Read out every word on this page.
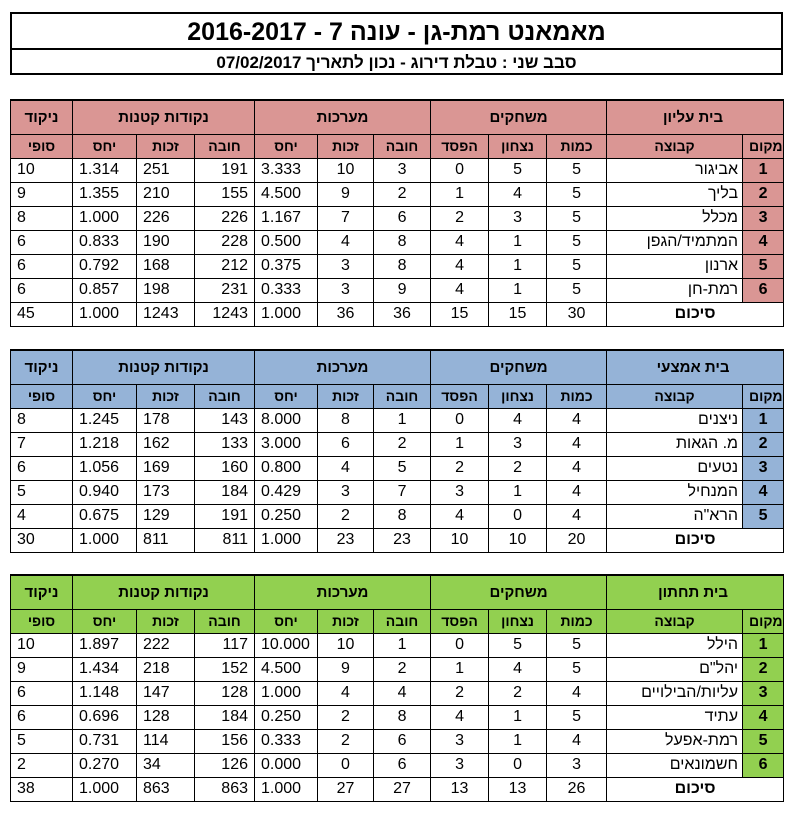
מאמאנט רמת-גן - עונה 7 - 2016-2017
סבב שני : טבלת דירוג - נכון לתאריך 07/02/2017
ניקוד	נקודות קטנות			מערכות			משחקים			בית עליון	
סופי	יחס	זכות	חובה	יחס	זכות	חובה	הפסד	נצחון	כמות	קבוצה	מקום
10	1.314	251	191	3.333	10	3	0	5	5	אביגור	1
9	1.355	210	155	4.500	9	2	1	4	5	בליך	2
8	1.000	226	226	1.167	7	6	2	3	5	מכלל	3
6	0.833	190	228	0.500	4	8	4	1	5	המתמיד/הגפן	4
6	0.792	168	212	0.375	3	8	4	1	5	ארנון	5
6	0.857	198	231	0.333	3	9	4	1	5	רמת-חן	6
45	1.000	1243	1243	1.000	36	36	15	15	30	סיכום	
ניקוד	נקודות קטנות			מערכות			משחקים			בית אמצעי	
סופי	יחס	זכות	חובה	יחס	זכות	חובה	הפסד	נצחון	כמות	קבוצה	מקום
8	1.245	178	143	8.000	8	1	0	4	4	ניצנים	1
7	1.218	162	133	3.000	6	2	1	3	4	מ. הגאות	2
6	1.056	169	160	0.800	4	5	2	2	4	נטעים	3
5	0.940	173	184	0.429	3	7	3	1	4	המנחיל	4
4	0.675	129	191	0.250	2	8	4	0	4	הרא"ה	5
30	1.000	811	811	1.000	23	23	10	10	20	סיכום	
ניקוד	נקודות קטנות			מערכות			משחקים			בית תחתון	
סופי	יחס	זכות	חובה	יחס	זכות	חובה	הפסד	נצחון	כמות	קבוצה	מקום
10	1.897	222	117	10.000	10	1	0	5	5	הילל	1
9	1.434	218	152	4.500	9	2	1	4	5	יהל"ם	2
6	1.148	147	128	1.000	4	4	2	2	4	עליות/הבילויים	3
6	0.696	128	184	0.250	2	8	4	1	5	עתיד	4
5	0.731	114	156	0.333	2	6	3	1	4	רמת-אפעל	5
2	0.270	34	126	0.000	0	6	3	0	3	חשמונאים	6
38	1.000	863	863	1.000	27	27	13	13	26	סיכום	
